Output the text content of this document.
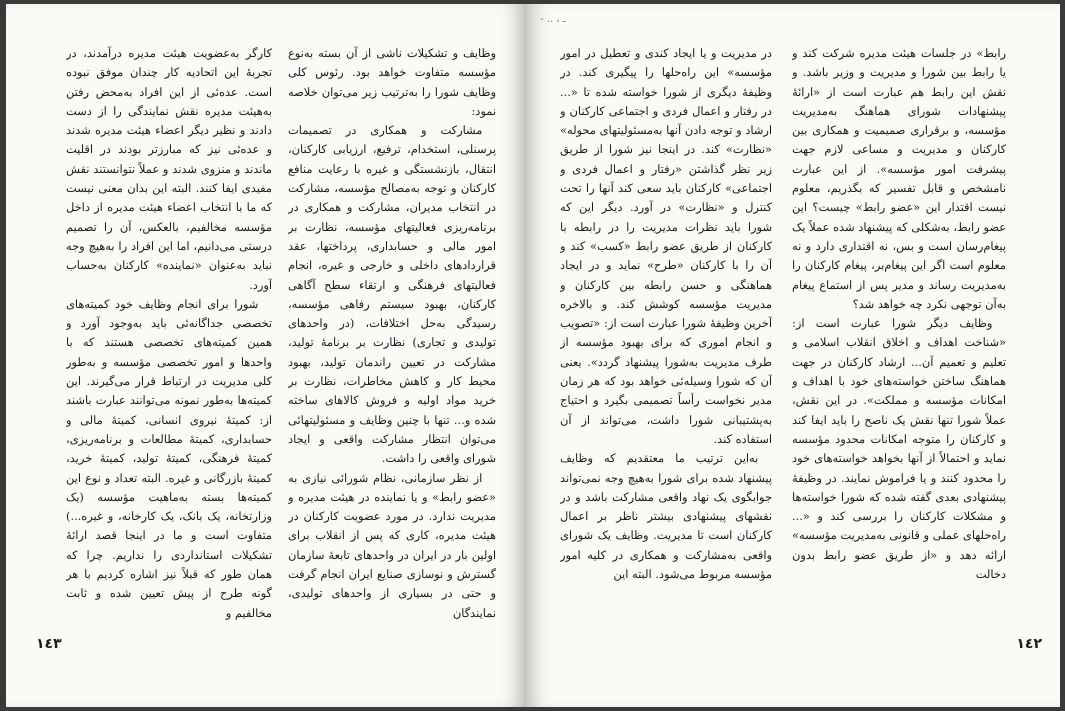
وظایف و تشکیلات ناشی از آن بسته به‌نوع مؤسسه متفاوت خواهد بود. رئوس کلی وظایف شورا را به‌ترتیب زیر می‌توان خلاصه نمود:

مشارکت و همکاری در تصمیمات پرسنلی، استخدام، ترفیع، ارزیابی کارکنان، انتقال، بازنشستگی و غیره با رعایت منافع کارکنان و توجه به‌مصالح مؤسسه، مشارکت در انتخاب مدیران، مشارکت و همکاری در برنامه‌ریزی فعالیتهای مؤسسه، نظارت بر امور مالی و حسابداری، پرداختها، عقد قراردادهای داخلی و خارجی و غیره، انجام فعالیتهای فرهنگی و ارتقاء سطح آگاهی کارکنان، بهبود سیستم رفاهی مؤسسه، رسیدگی به‌حل اختلافات، (در واحدهای تولیدی و تجاری) نظارت بر برنامهٔ تولید، مشارکت در تعیین راندمان تولید، بهبود محیط کار و کاهش مخاطرات، نظارت بر خرید مواد اولیه و فروش کالاهای ساخته شده و... تنها با چنین وظایف و مسئولیتهائی می‌توان انتظار مشارکت واقعی و ایجاد شورای واقعی را داشت.

از نظر سازمانی، نظام شورائی نیازی به «عضو رابط» و یا نماینده در هیئت مدیره و مدیریت ندارد. در مورد عضویت کارکنان در هیئت مدیره، کاری که پس از انقلاب برای اولین بار در ایران در واحدهای تابعهٔ سازمان گسترش و نوسازی صنایع ایران انجام گرفت و حتی در بسیاری از واحدهای تولیدی، نمایندگان

کارگر به‌عضویت هیئت مدیره درآمدند، در تجربهٔ این اتحادیه کار چندان موفق نبوده است. عده‌ئی از این افراد به‌محض رفتن به‌هیئت مدیره نقش نمایندگی را از دست دادند و نظیر دیگر اعضاء هیئت مدیره شدند و عده‌ئی نیز که مبارزتر بودند در اقلیت ماندند و منزوی شدند و عملاً نتوانستند نقش مفیدی ایفا کنند. البته این بدان معنی نیست که ما با انتخاب اعضاء هیئت مدیره از داخل مؤسسه مخالفیم، بالعکس، آن را تصمیم درستی می‌دانیم، اما این افراد را به‌هیچ وجه نباید به‌عنوان «نماینده» کارکنان به‌حساب آورد.

شورا برای انجام وظایف خود کمیته‌های تخصصی جداگانه‌ئی باید به‌وجود آورد و همین کمیته‌های تخصصی هستند که با واحدها و امور تخصصی مؤسسه و به‌طور کلی مدیریت در ارتباط قرار می‌گیرند. این کمیته‌ها به‌طور نمونه می‌توانند عبارت باشند از: کمیتهٔ نیروی انسانی، کمیتهٔ مالی و حسابداری، کمیتهٔ مطالعات و برنامه‌ریزی، کمیتهٔ فرهنگی، کمیتهٔ تولید، کمیتهٔ خرید، کمیتهٔ بازرگانی و غیره. البته تعداد و نوع این کمیته‌ها بسته به‌ماهیت مؤسسه (یک وزارتخانه، یک بانک، یک کارخانه، و غیره...) متفاوت است و ما در اینجا قصد ارائهٔ تشکیلات استانداردی را نداریم. چرا که همان طور که قبلاً نیز اشاره کردیم با هر گونه طرح از پیش تعیین شده و ثابت مخالفیم و

١٤٣
- .. ، ـ

رابط» در جلسات هیئت مدیره شرکت کند و یا رابط بین شورا و مدیریت و وزیر باشد. و نقش این رابط هم عبارت است از «ارائهٔ پیشنهادات شورای هماهنگ به‌مدیریت مؤسسه، و برقراری صمیمیت و همکاری بین کارکنان و مدیریت و مساعی لازم جهت پیشرفت امور مؤسسه». از این عبارت نامشخص و قابل تفسیر که بگذریم، معلوم نیست اقتدار این «عضو رابط» چیست؟ این عضو رابط، به‌شکلی که پیشنهاد شده عملاً یک پیغام‌رسان است و بس، نه اقتداری دارد و نه معلوم است اگر این پیغام‌بر، پیغام کارکنان را به‌مدیریت رساند و مدیر پس از استماع پیغام به‌آن توجهی نکرد چه خواهد شد؟

وظایف دیگر شورا عبارت است از: «شناخت اهداف و اخلاق انقلاب اسلامی و تعلیم و تعمیم آن... ارشاد کارکنان در جهت هماهنگ ساختن خواسته‌های خود با اهداف و امکانات مؤسسه و مملکت». در این نقش، عملاً شورا تنها نقش یک ناصح را باید ایفا کند و کارکنان را متوجه امکانات محدود مؤسسه نماید و احتمالاً از آنها بخواهد خواسته‌های خود را محدود کنند و یا فراموش نمایند. در وظیفهٔ پیشنهادی بعدی گفته شده که شورا خواسته‌ها و مشکلات کارکنان را بررسی کند و «... راه‌حلهای عملی و قانونی به‌مدیریت مؤسسه» ارائه دهد و «از طریق عضو رابط بدون دخالت

در مدیریت و یا ایجاد کندی و تعطیل در امور مؤسسه» این راه‌حلها را پیگیری کند. در وظیفهٔ دیگری از شورا خواسته شده تا «... در رفتار و اعمال فردی و اجتماعی کارکنان و ارشاد و توجه دادن آنها به‌مسئولیتهای محوله» «نظارت» کند. در اینجا نیز شورا از طریق زیر نظر گذاشتن «رفتار و اعمال فردی و اجتماعی» کارکنان باید سعی کند آنها را تحت کنترل و «نظارت» در آورد. دیگر این که شورا باید نظرات مدیریت را در رابطه با کارکنان از طریق عضو رابط «کسب» کند و آن را با کارکنان «طرح» نماید و در ایجاد هماهنگی و حسن رابطه بین کارکنان و مدیریت مؤسسه کوشش کند. و بالاخره آخرین وظیفهٔ شورا عبارت است از: «تصویب و انجام اموری که برای بهبود مؤسسه از طرف مدیریت به‌شورا پیشنهاد گردد». یعنی آن که شورا وسیله‌ئی خواهد بود که هر زمان مدیر نخواست رأساً تصمیمی بگیرد و احتیاج به‌پشتیبانی شورا داشت، می‌تواند از آن استفاده کند.

به‌این ترتیب ما معتقدیم که وظایف پیشنهاد شده برای شورا به‌هیچ وجه نمی‌تواند جوابگوی یک نهاد واقعی مشارکت باشد و در نقشهای پیشنهادی بیشتر ناظر بر اعمال کارکنان است تا مدیریت. وظایف یک شورای واقعی به‌مشارکت و همکاری در کلیه امور مؤسسه مربوط می‌شود. البته این

١٤٢
